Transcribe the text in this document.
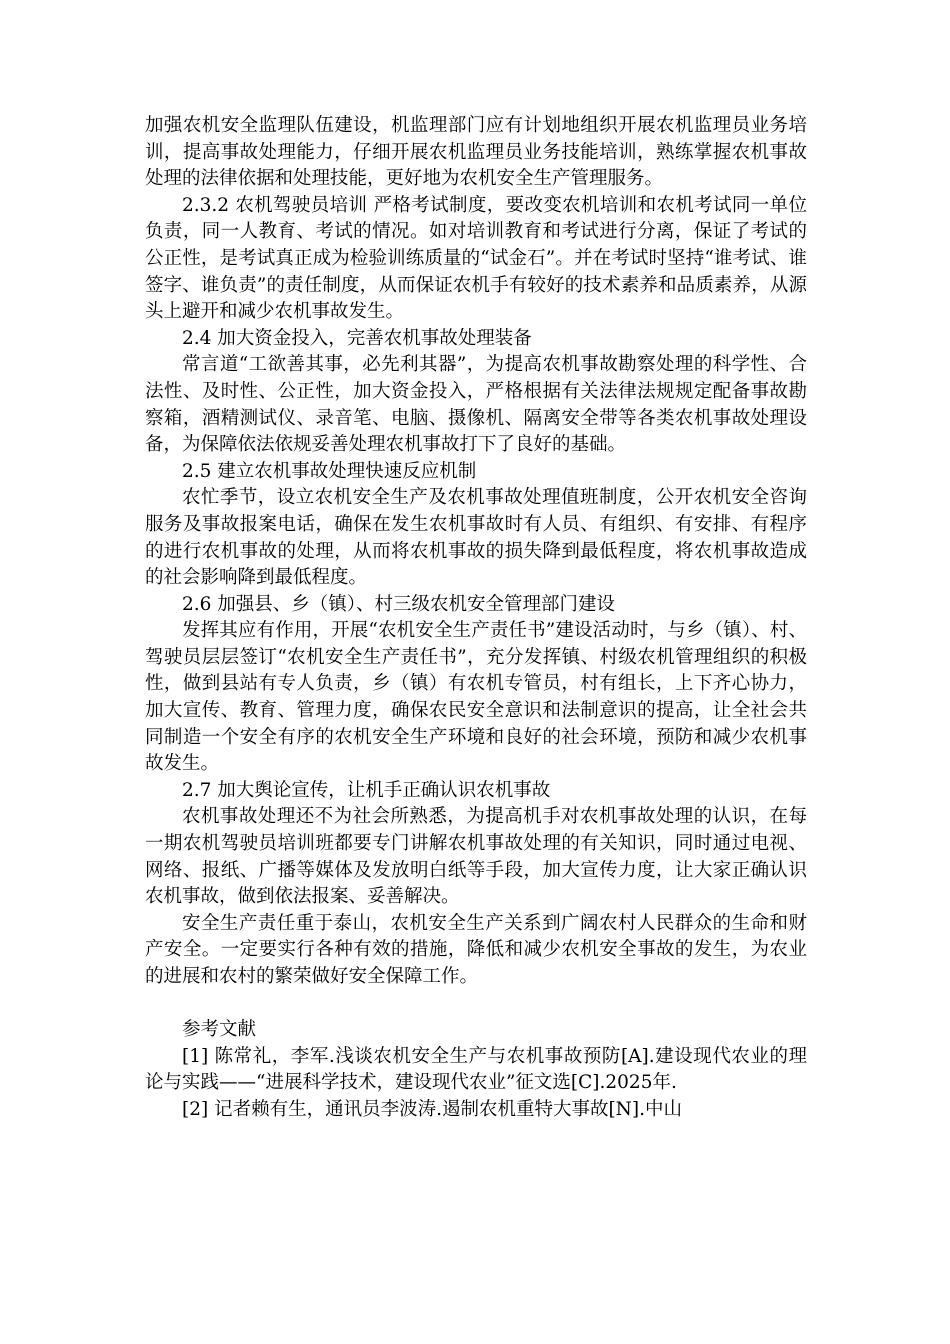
加强农机安全监理队伍建设，机监理部门应有计划地组织开展农机监理员业务培训，提高事故处理能力，仔细开展农机监理员业务技能培训，熟练掌握农机事故处理的法律依据和处理技能，更好地为农机安全生产管理服务。

2.3.2 农机驾驶员培训 严格考试制度，要改变农机培训和农机考试同一单位负责，同一人教育、考试的情况。如对培训教育和考试进行分离，保证了考试的公正性，是考试真正成为检验训练质量的“试金石”。并在考试时坚持“谁考试、谁签字、谁负责”的责任制度，从而保证农机手有较好的技术素养和品质素养，从源头上避开和减少农机事故发生。

2.4 加大资金投入，完善农机事故处理装备

常言道“工欲善其事，必先利其器”，为提高农机事故勘察处理的科学性、合法性、及时性、公正性，加大资金投入，严格根据有关法律法规规定配备事故勘察箱，酒精测试仪、录音笔、电脑、摄像机、隔离安全带等各类农机事故处理设备，为保障依法依规妥善处理农机事故打下了良好的基础。

2.5 建立农机事故处理快速反应机制

农忙季节，设立农机安全生产及农机事故处理值班制度，公开农机安全咨询服务及事故报案电话，确保在发生农机事故时有人员、有组织、有安排、有程序的进行农机事故的处理，从而将农机事故的损失降到最低程度，将农机事故造成的社会影响降到最低程度。

2.6 加强县、乡（镇）、村三级农机安全管理部门建设

发挥其应有作用，开展“农机安全生产责任书”建设活动时，与乡（镇）、村、驾驶员层层签订“农机安全生产责任书”，充分发挥镇、村级农机管理组织的积极性，做到县站有专人负责，乡（镇）有农机专管员，村有组长，上下齐心协力，加大宣传、教育、管理力度，确保农民安全意识和法制意识的提高，让全社会共同制造一个安全有序的农机安全生产环境和良好的社会环境，预防和减少农机事故发生。

2.7 加大舆论宣传，让机手正确认识农机事故

农机事故处理还不为社会所熟悉，为提高机手对农机事故处理的认识，在每一期农机驾驶员培训班都要专门讲解农机事故处理的有关知识，同时通过电视、网络、报纸、广播等媒体及发放明白纸等手段，加大宣传力度，让大家正确认识农机事故，做到依法报案、妥善解决。

安全生产责任重于泰山，农机安全生产关系到广阔农村人民群众的生命和财产安全。一定要实行各种有效的措施，降低和减少农机安全事故的发生，为农业的进展和农村的繁荣做好安全保障工作。

参考文献

[1] 陈常礼，李军.浅谈农机安全生产与农机事故预防[A].建设现代农业的理论与实践——“进展科学技术，建设现代农业”征文选[C].2025年.

[2] 记者赖有生，通讯员李波涛.遏制农机重特大事故[N].中山
